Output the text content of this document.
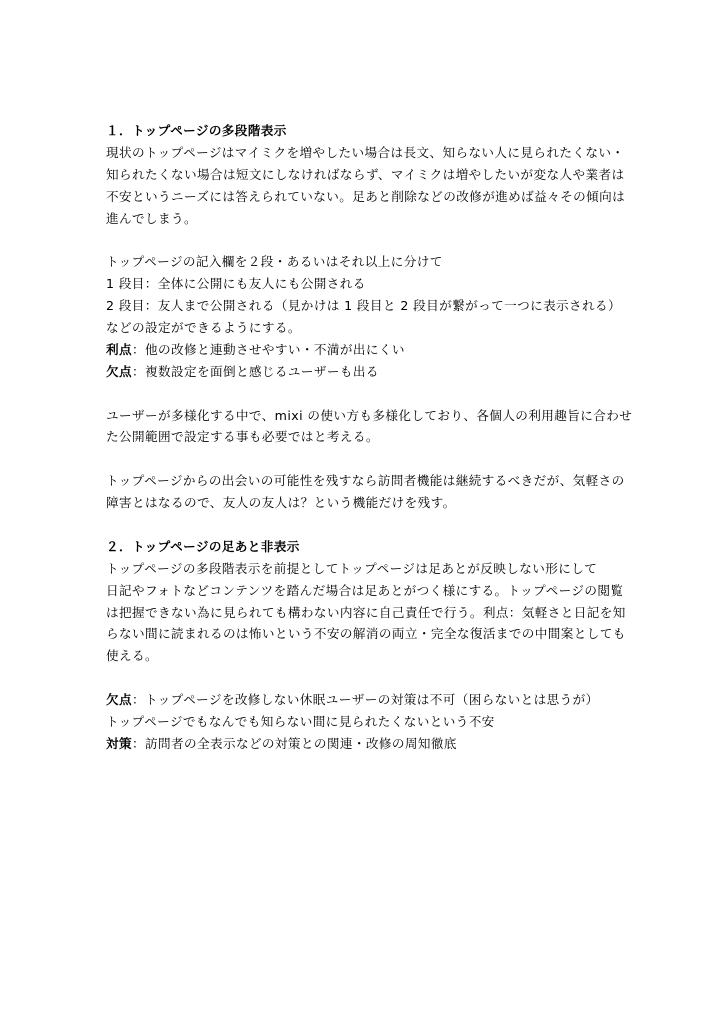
１．トップページの多段階表示
現状のトップページはマイミクを増やしたい場合は長文、知らない人に見られたくない・
知られたくない場合は短文にしなければならず、マイミクは増やしたいが変な人や業者は
不安というニーズには答えられていない。足あと削除などの改修が進めば益々その傾向は
進んでしまう。
トップページの記入欄を２段・あるいはそれ以上に分けて
1 段目：全体に公開にも友人にも公開される
2 段目：友人まで公開される（見かけは 1 段目と 2 段目が繋がって一つに表示される）
などの設定ができるようにする。
利点：他の改修と連動させやすい・不満が出にくい
欠点：複数設定を面倒と感じるユーザーも出る
ユーザーが多様化する中で、mixi の使い方も多様化しており、各個人の利用趣旨に合わせ
た公開範囲で設定する事も必要ではと考える。
トップページからの出会いの可能性を残すなら訪問者機能は継続するべきだが、気軽さの
障害とはなるので、友人の友人は？という機能だけを残す。
２．トップページの足あと非表示
トップページの多段階表示を前提としてトップページは足あとが反映しない形にして
日記やフォトなどコンテンツを踏んだ場合は足あとがつく様にする。トップページの閲覧
は把握できない為に見られても構わない内容に自己責任で行う。利点：気軽さと日記を知
らない間に読まれるのは怖いという不安の解消の両立・完全な復活までの中間案としても
使える。
欠点：トップページを改修しない休眠ユーザーの対策は不可（困らないとは思うが）
トップページでもなんでも知らない間に見られたくないという不安
対策：訪問者の全表示などの対策との関連・改修の周知徹底
